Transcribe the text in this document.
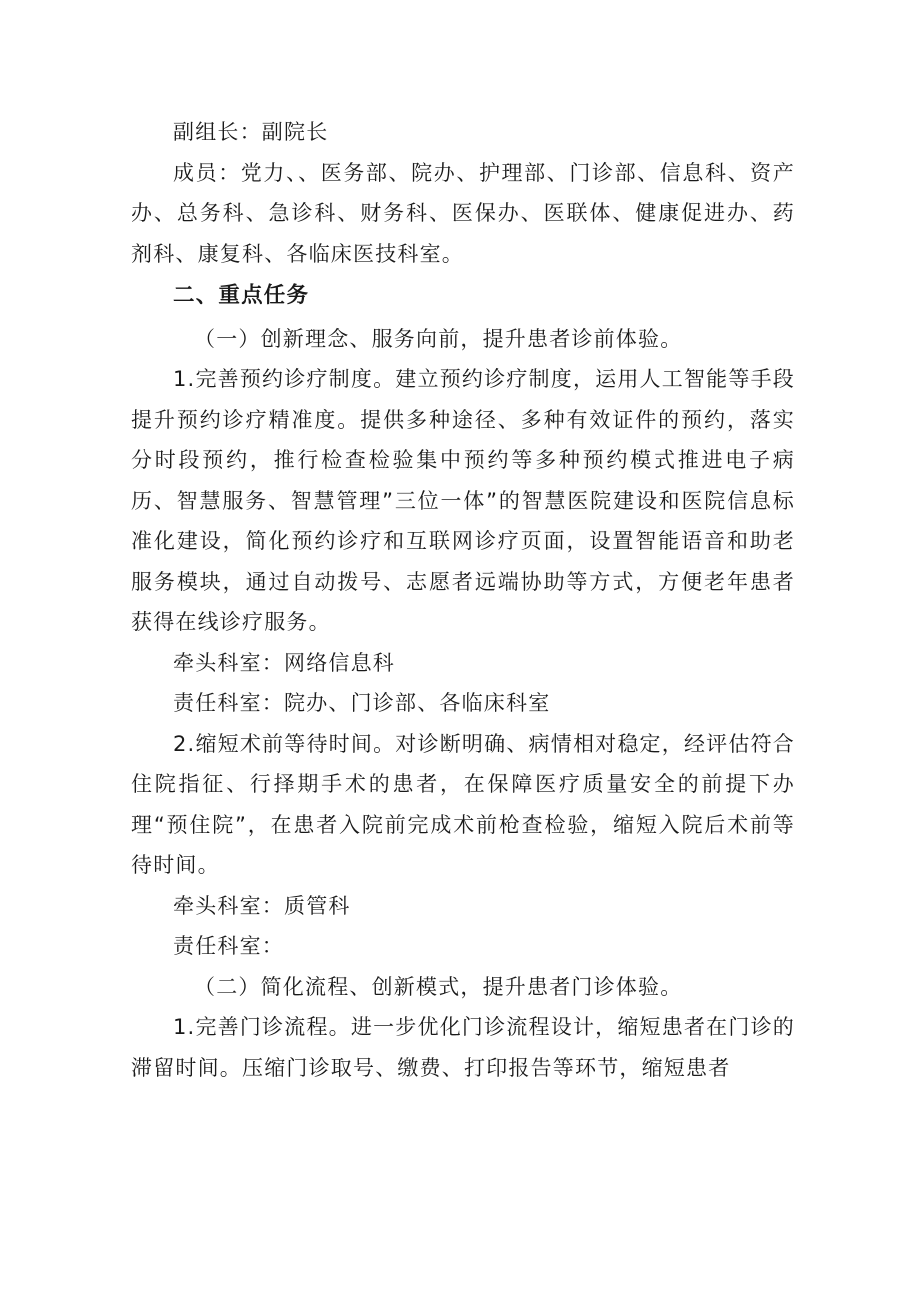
副组长：副院长

成员：党力、、医务部、院办、护理部、门诊部、信息科、资产办、总务科、急诊科、财务科、医保办、医联体、健康促进办、药剂科、康复科、各临床医技科室。

二、重点任务

（一）创新理念、服务向前，提升患者诊前体验。

1.完善预约诊疗制度。建立预约诊疗制度，运用人工智能等手段提升预约诊疗精准度。提供多种途径、多种有效证件的预约，落实分时段预约，推行检查检验集中预约等多种预约模式推进电子病历、智慧服务、智慧管理”三位一体”的智慧医院建设和医院信息标准化建设，简化预约诊疗和互联网诊疗页面，设置智能语音和助老服务模块，通过自动拨号、志愿者远端协助等方式，方便老年患者获得在线诊疗服务。

牵头科室：网络信息科

责任科室：院办、门诊部、各临床科室

2.缩短术前等待时间。对诊断明确、病情相对稳定，经评估符合住院指征、行择期手术的患者，在保障医疗质量安全的前提下办理“预住院”，在患者入院前完成术前枪查检验，缩短入院后术前等待时间。

牵头科室：质管科

责任科室：

（二）简化流程、创新模式，提升患者门诊体验。

1.完善门诊流程。进一步优化门诊流程设计，缩短患者在门诊的滞留时间。压缩门诊取号、缴费、打印报告等环节，缩短患者
